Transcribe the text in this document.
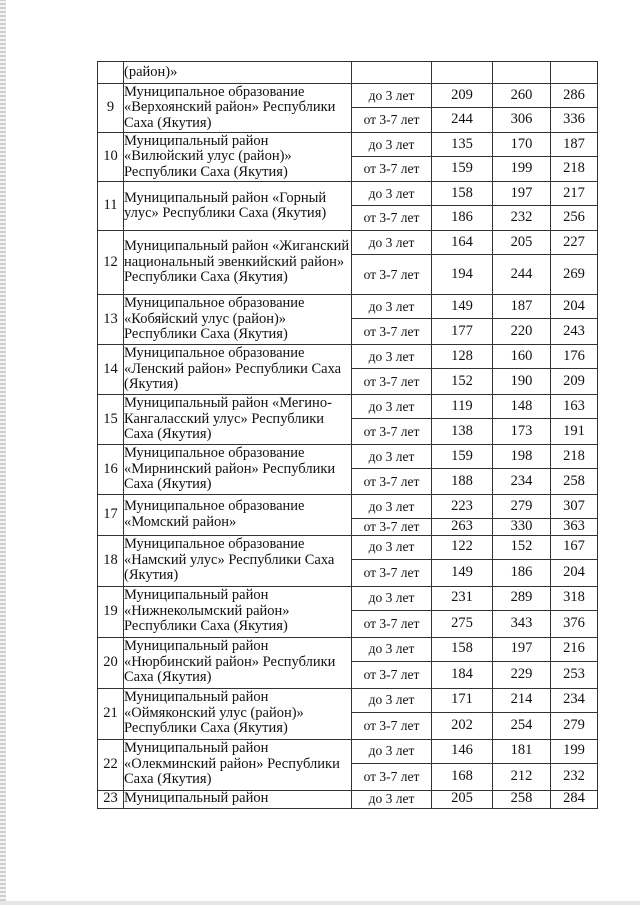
	(район)»				
9	Муниципальное образование «Верхоянский район» Республики Саха (Якутия)	до 3 лет	209	260	286
		от 3-7 лет	244	306	336
10	Муниципальный район «Вилюйский улус (район)» Республики Саха (Якутия)	до 3 лет	135	170	187
		от 3-7 лет	159	199	218
11	Муниципальный район «Горный улус» Республики Саха (Якутия)	до 3 лет	158	197	217
		от 3-7 лет	186	232	256
12	Муниципальный район «Жиганский национальный эвенкийский район» Республики Саха (Якутия)	до 3 лет	164	205	227
		от 3-7 лет	194	244	269
13	Муниципальное образование «Кобяйский улус (район)» Республики Саха (Якутия)	до 3 лет	149	187	204
		от 3-7 лет	177	220	243
14	Муниципальное образование «Ленский район» Республики Саха (Якутия)	до 3 лет	128	160	176
		от 3-7 лет	152	190	209
15	Муниципальный район «Мегино-Кангаласский улус» Республики Саха (Якутия)	до 3 лет	119	148	163
		от 3-7 лет	138	173	191
16	Муниципальное образование «Мирнинский район» Республики Саха (Якутия)	до 3 лет	159	198	218
		от 3-7 лет	188	234	258
17	Муниципальное образование «Момский район»	до 3 лет	223	279	307
		от 3-7 лет	263	330	363
18	Муниципальное образование «Намский улус» Республики Саха (Якутия)	до 3 лет	122	152	167
		от 3-7 лет	149	186	204
19	Муниципальный район «Нижнеколымский район» Республики Саха (Якутия)	до 3 лет	231	289	318
		от 3-7 лет	275	343	376
20	Муниципальный район «Нюрбинский район» Республики Саха (Якутия)	до 3 лет	158	197	216
		от 3-7 лет	184	229	253
21	Муниципальный район «Оймяконский улус (район)» Республики Саха (Якутия)	до 3 лет	171	214	234
		от 3-7 лет	202	254	279
22	Муниципальный район «Олекминский район» Республики Саха (Якутия)	до 3 лет	146	181	199
		от 3-7 лет	168	212	232
23	Муниципальный район	до 3 лет	205	258	284
